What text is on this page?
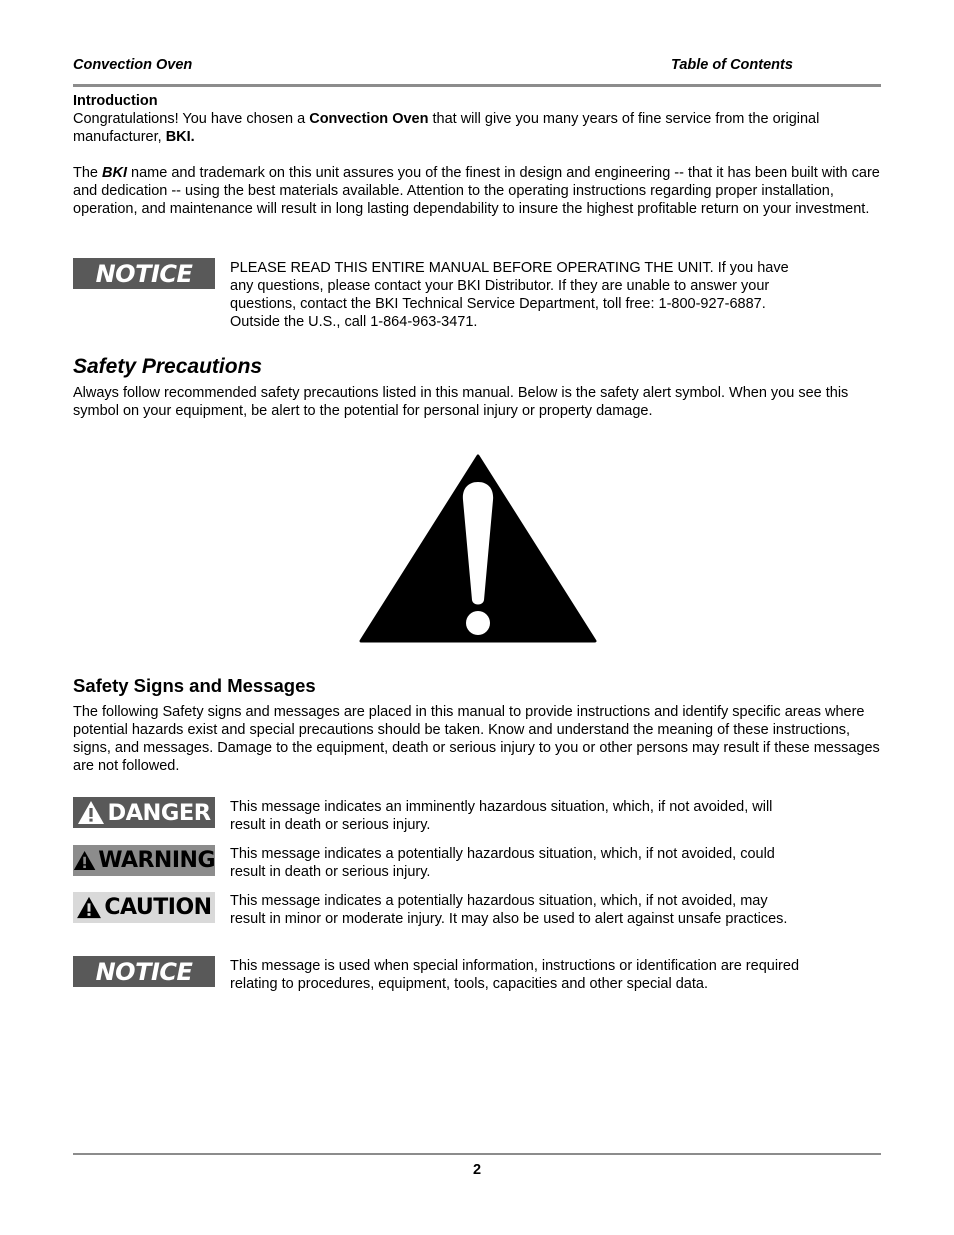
Convection Oven	Table of Contents

Introduction

Congratulations! You have chosen a Convection Oven that will give you many years of fine service from the original manufacturer, BKI.

The BKI name and trademark on this unit assures you of the finest in design and engineering -- that it has been built with care and dedication -- using the best materials available. Attention to the operating instructions regarding proper installation, operation, and maintenance will result in long lasting dependability to insure the highest profitable return on your investment.

NOTICE	PLEASE READ THIS ENTIRE MANUAL BEFORE OPERATING THE UNIT. If you have any questions, please contact your BKI Distributor. If they are unable to answer your questions, contact the BKI Technical Service Department, toll free: 1-800-927-6887. Outside the U.S., call 1-864-963-3471.

Safety Precautions

Always follow recommended safety precautions listed in this manual. Below is the safety alert symbol. When you see this symbol on your equipment, be alert to the potential for personal injury or property damage.

Safety Signs and Messages

The following Safety signs and messages are placed in this manual to provide instructions and identify specific areas where potential hazards exist and special precautions should be taken. Know and understand the meaning of these instructions, signs, and messages. Damage to the equipment, death or serious injury to you or other persons may result if these messages are not followed.

DANGER This message indicates an imminently hazardous situation, which, if not avoided, will result in death or serious injury.

WARNING This message indicates a potentially hazardous situation, which, if not avoided, could result in death or serious injury.

CAUTION This message indicates a potentially hazardous situation, which, if not avoided, may result in minor or moderate injury. It may also be used to alert against unsafe practices.

NOTICE	This message is used when special information, instructions or identification are required relating to procedures, equipment, tools, capacities and other special data.

2
